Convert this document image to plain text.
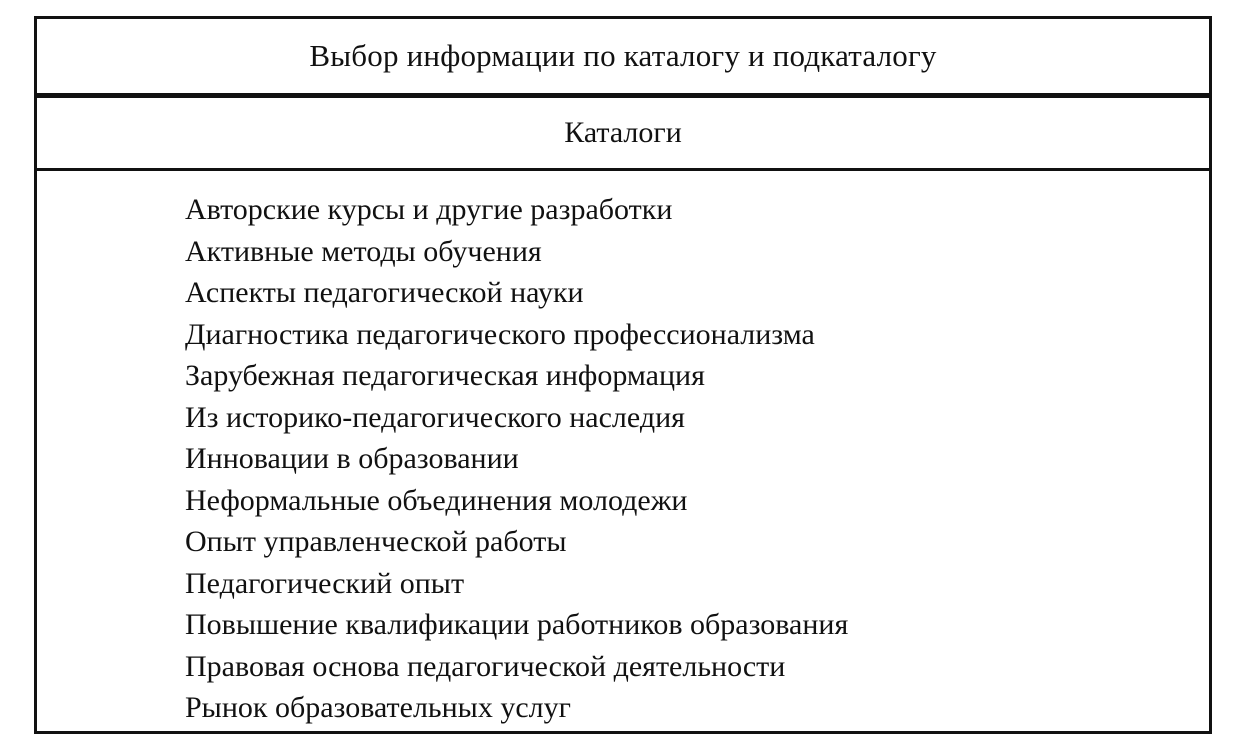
Выбор информации по каталогу и подкаталогу
Каталоги
Авторские курсы и другие разработки
Активные методы обучения
Аспекты педагогической науки
Диагностика педагогического профессионализма
Зарубежная педагогическая информация
Из историко-педагогического наследия
Инновации в образовании
Неформальные объединения молодежи
Опыт управленческой работы
Педагогический опыт
Повышение квалификации работников образования
Правовая основа педагогической деятельности
Рынок образовательных услуг
